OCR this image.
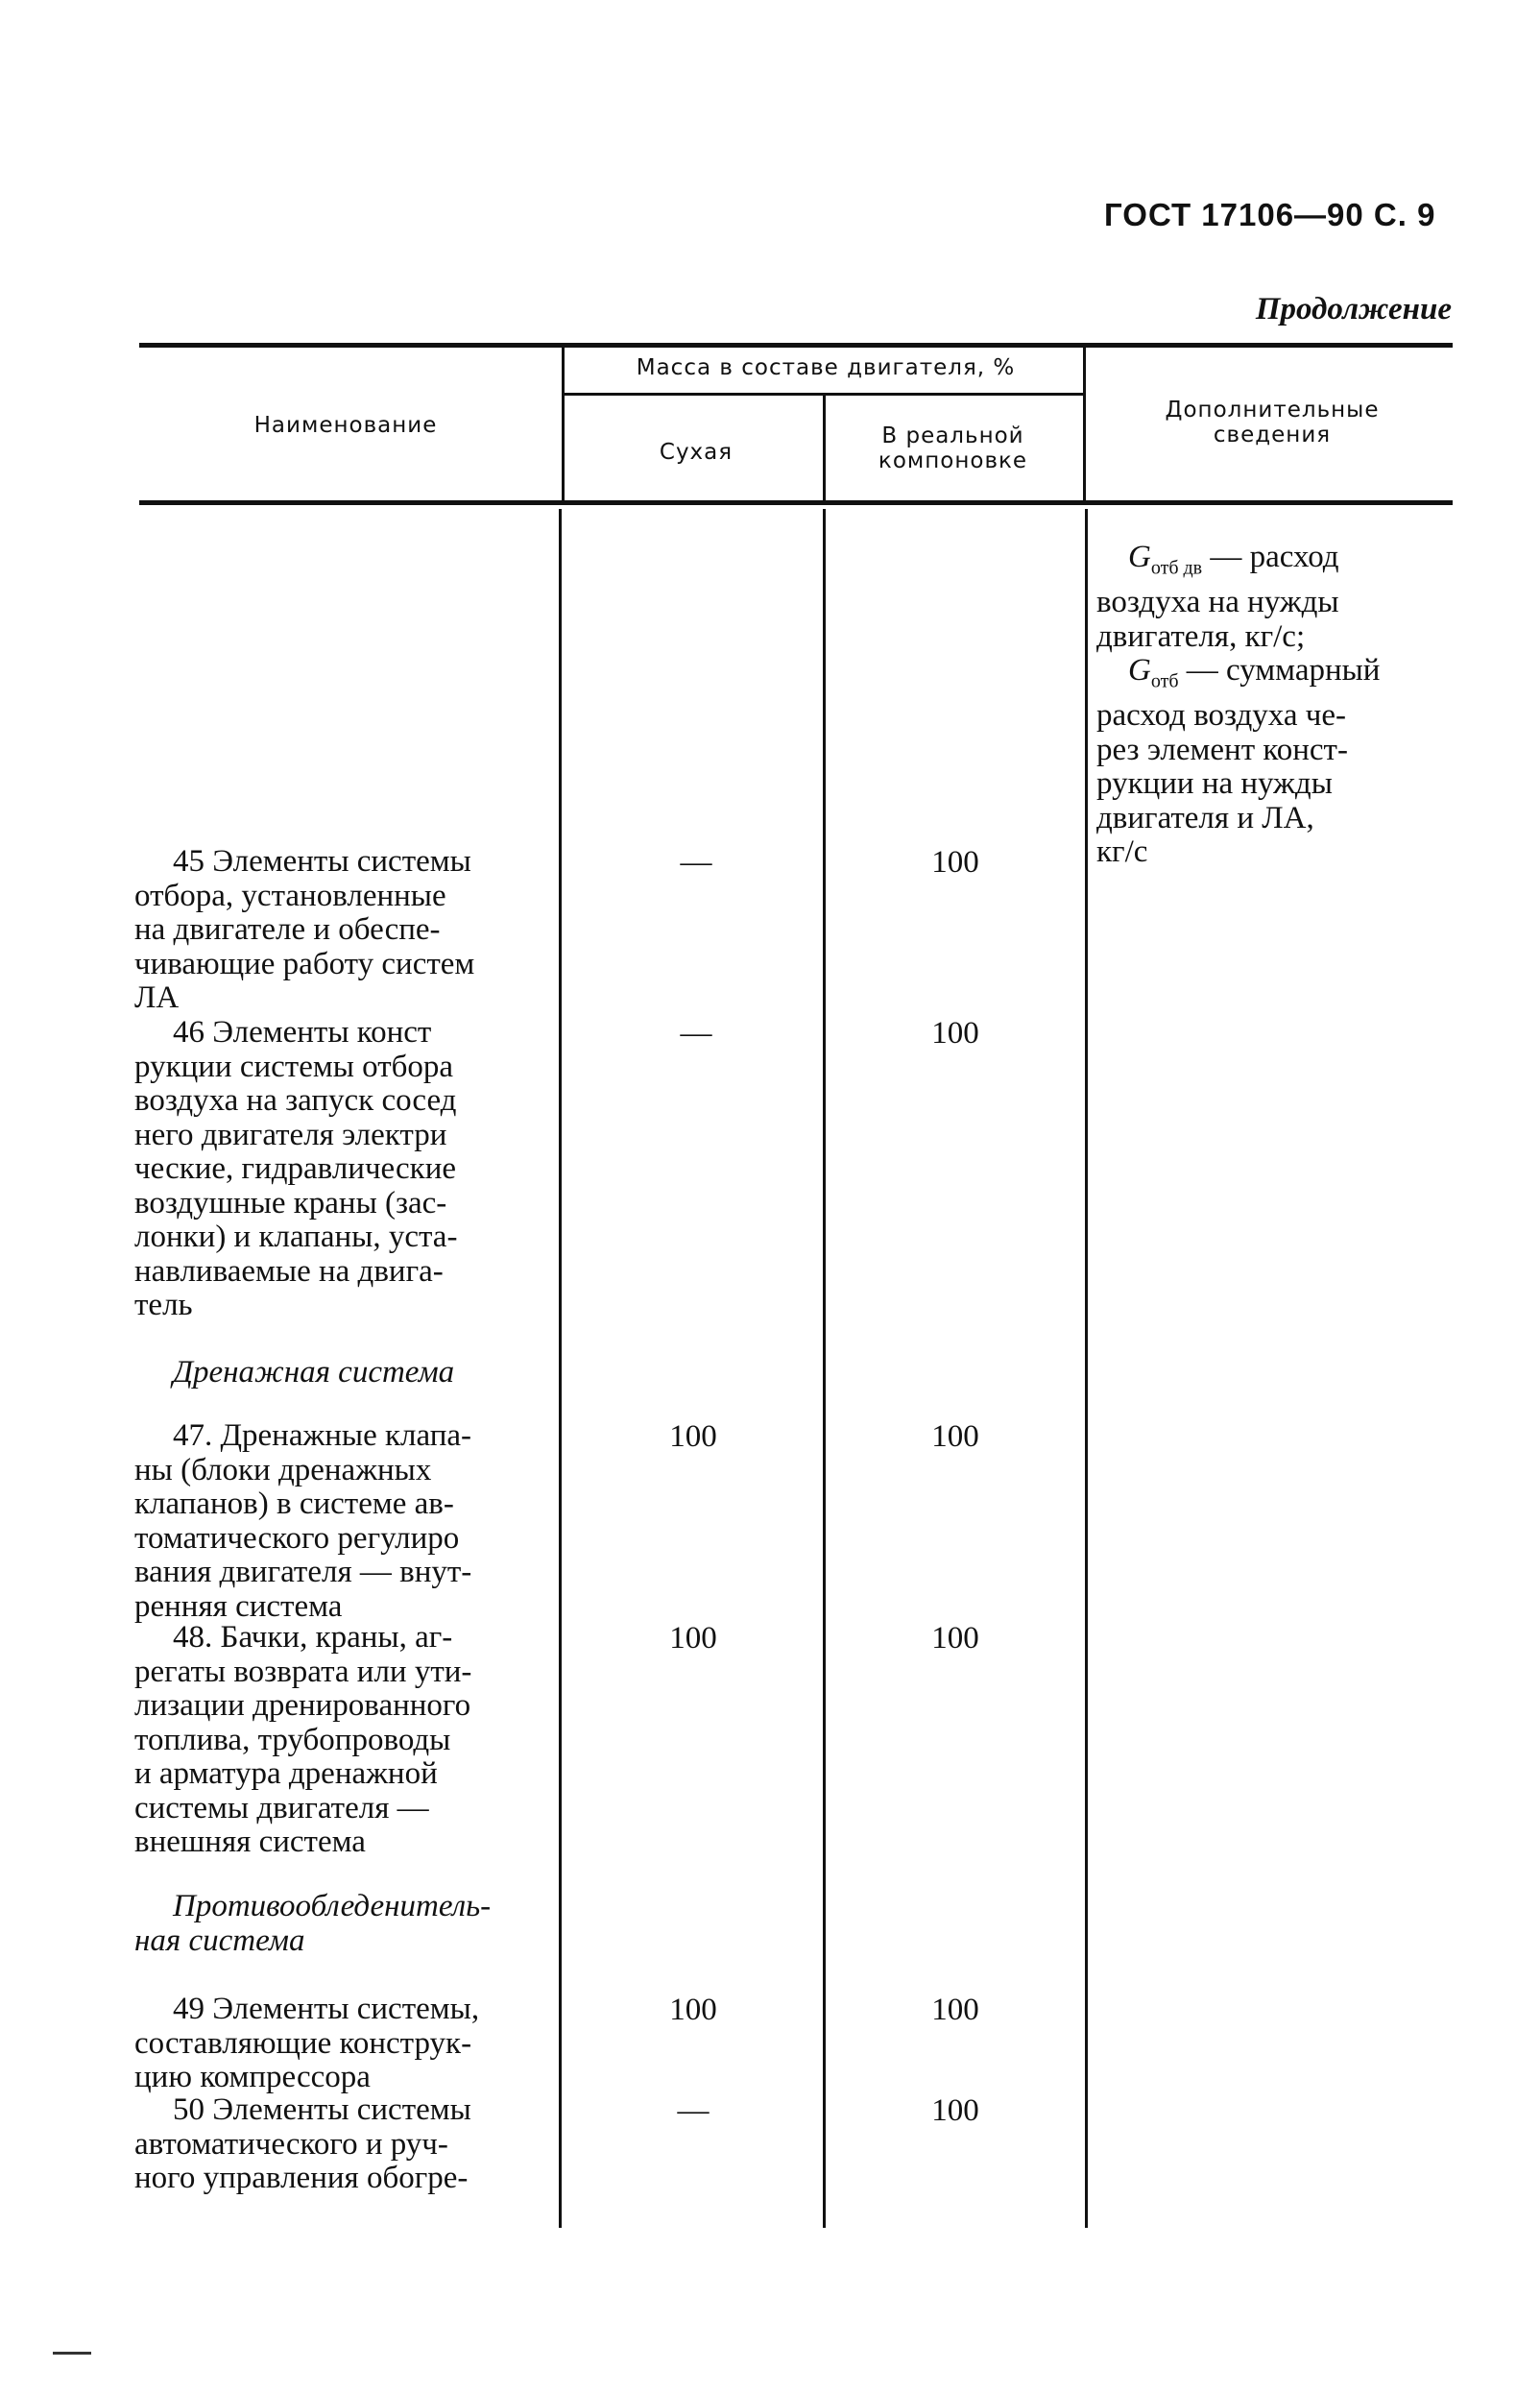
ГОСТ 17106—90 С. 9
Продолжение
Наименование
Масса в составе двигателя, %
Сухая
В реальной
компоновке
Дополнительные
сведения
$G_{отб дв}$ — расход
воздуха на нужды
двигателя, кг/с;
$G_{отб}$ — суммарный
расход воздуха че-
рез элемент конст-
рукции на нужды
двигателя и ЛА,
кг/с
45 Элементы системы
отбора, установленные
на двигателе и обеспе-
чивающие работу систем
ЛА
—	100
46 Элементы конст
рукции системы отбора
воздуха на запуск сосед
него двигателя электри
ческие, гидравлические
воздушные краны (зас-
лонки) и клапаны, уста-
навливаемые на двига-
тель
—	100
Дренажная система
47. Дренажные клапа-
ны (блоки дренажных
клапанов) в системе ав-
томатического регулиро
вания двигателя — внут-
ренняя система
100	100
48. Бачки, краны, аг-
регаты возврата или ути-
лизации дренированного
топлива, трубопроводы
и арматура дренажной
системы двигателя —
внешняя система
100	100
Противообледенитель-
ная система
49 Элементы системы,
составляющие конструк-
цию компрессора
100	100
50 Элементы системы
автоматического и руч-
ного управления обогре-
—	100
